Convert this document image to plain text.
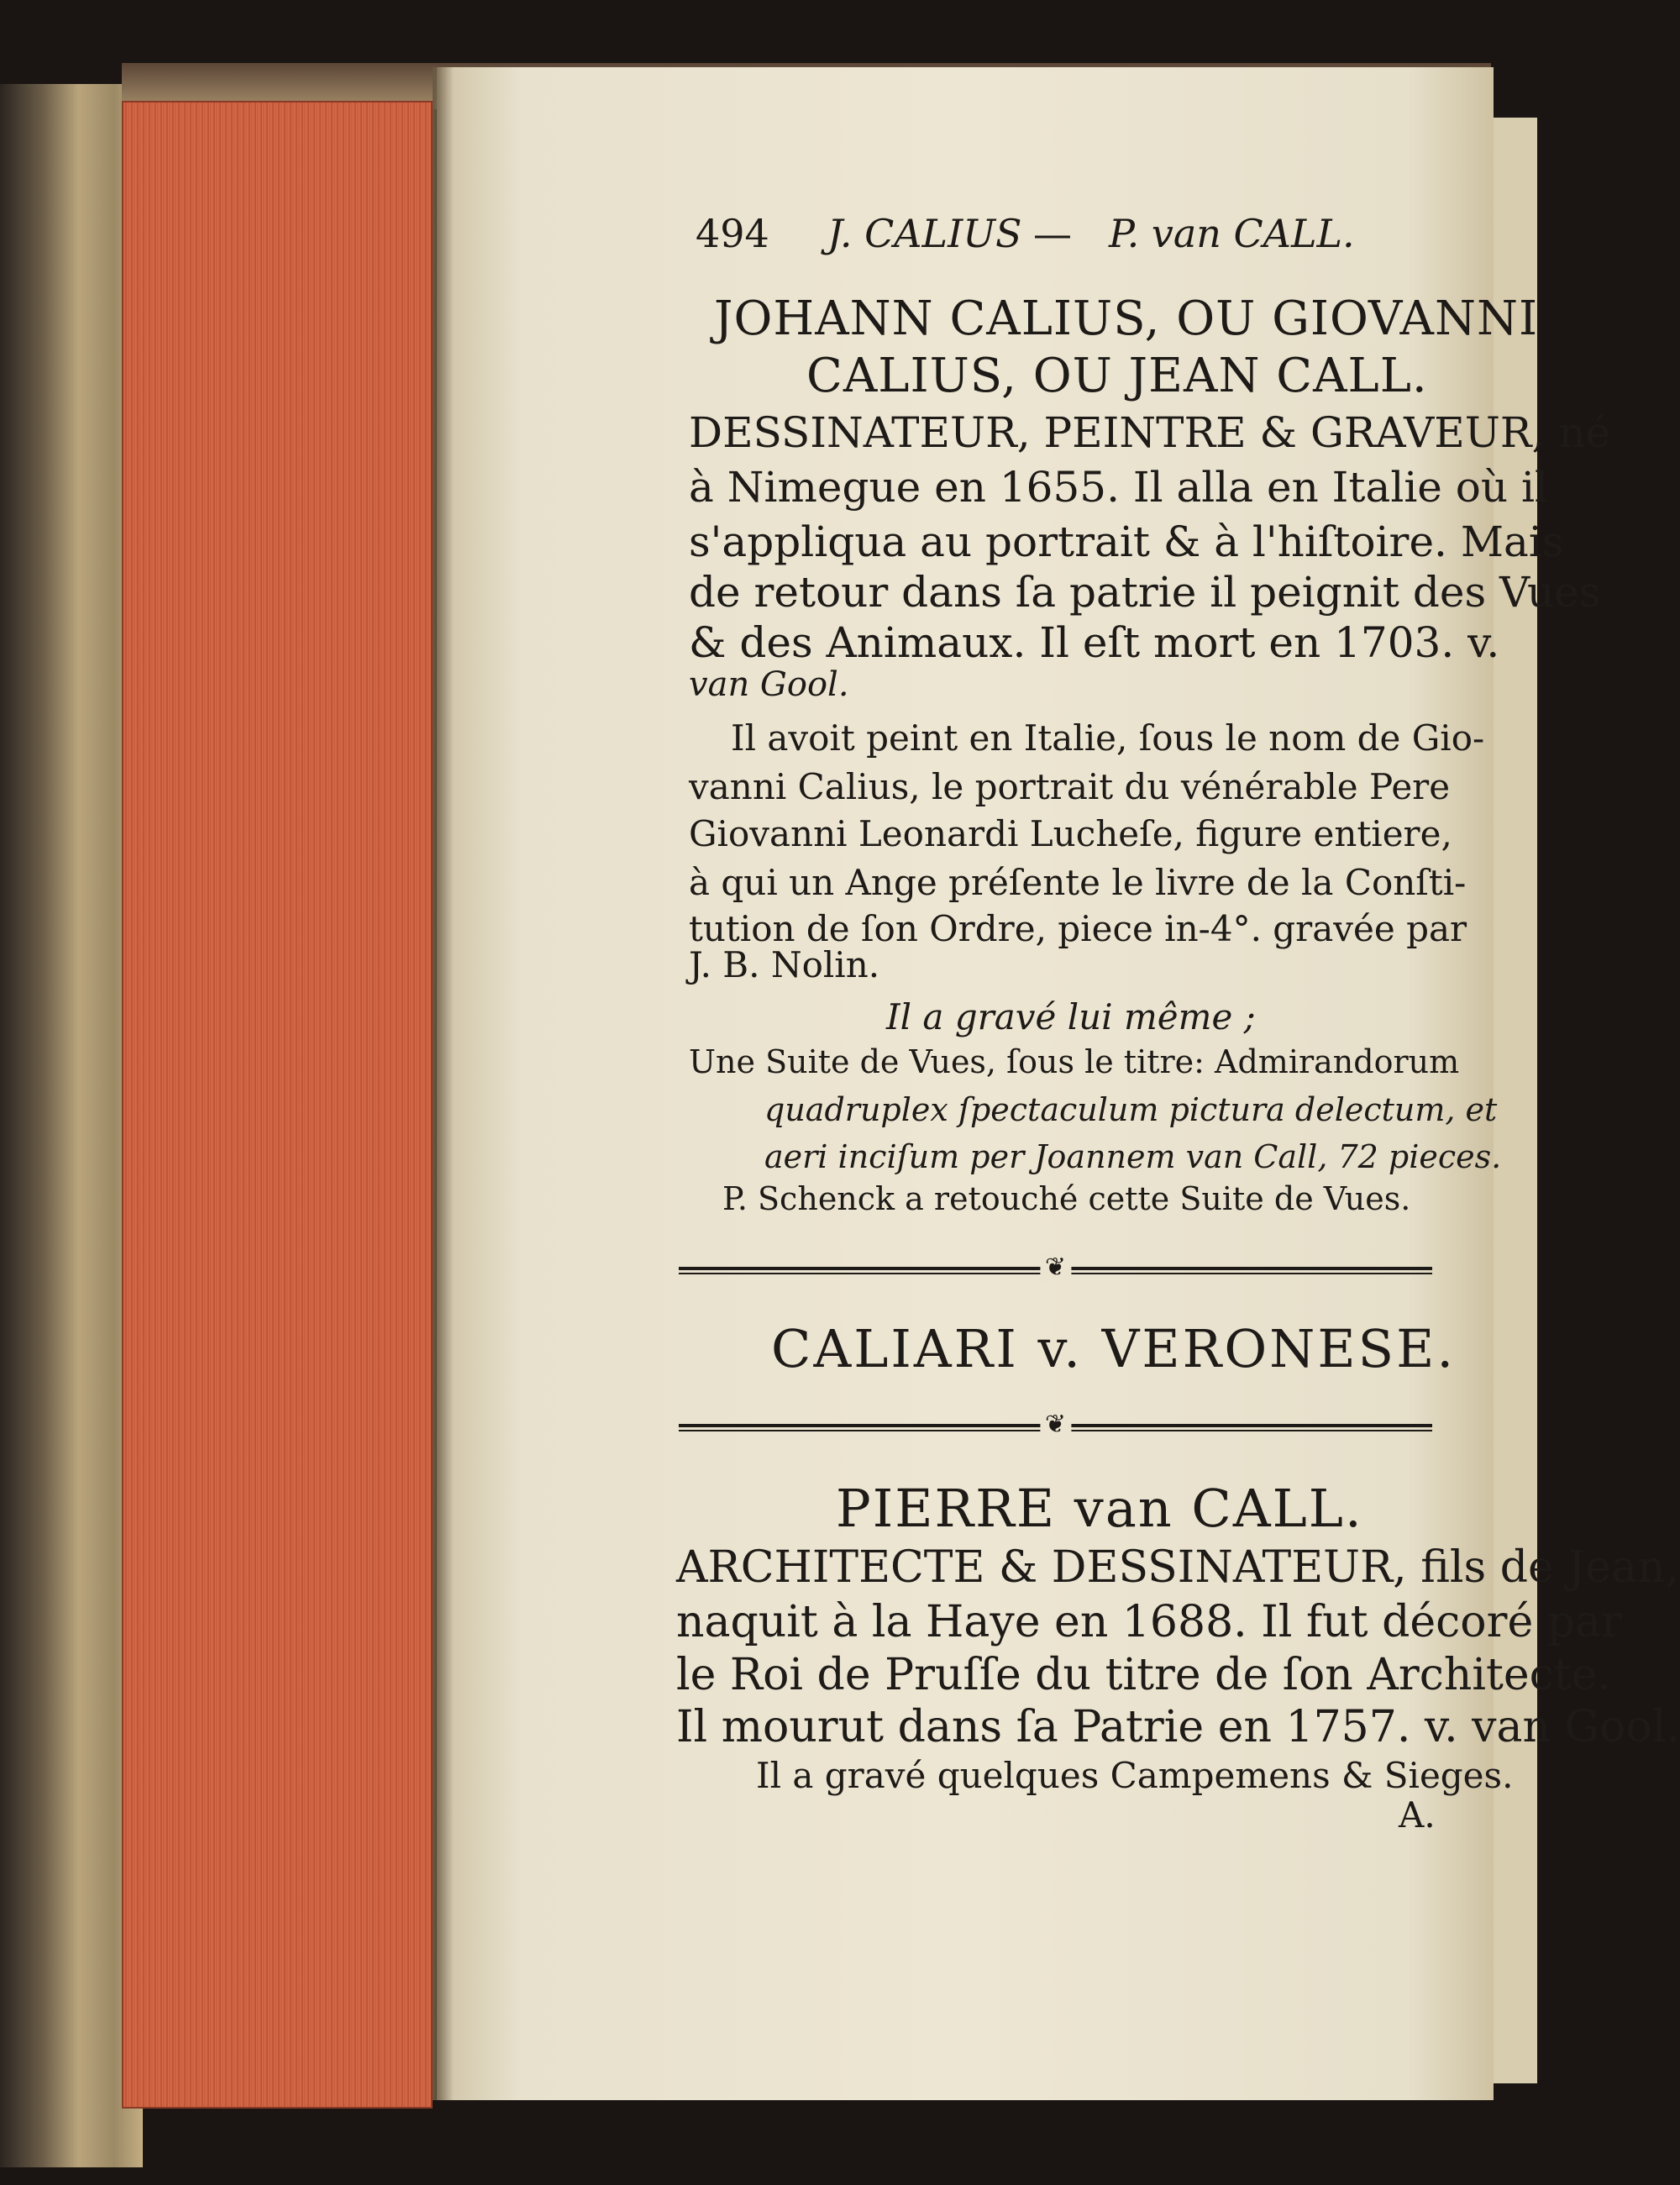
494 J. CALIUS — P. van CALL.
JOHANN CALIUS, OU GIOVANNI
CALIUS, OU JEAN CALL.
DESSINATEUR, PEINTRE & GRAVEUR, né
à Nimegue en 1655. Il alla en Italie où il
s'appliqua au portrait & à l'hiſtoire. Mais
de retour dans ſa patrie il peignit des Vues
& des Animaux. Il eſt mort en 1703. v.
van Gool.
Il avoit peint en Italie, ſous le nom de Gio-
vanni Calius, le portrait du vénérable Pere
Giovanni Leonardi Lucheſe, figure entiere,
à qui un Ange préſente le livre de la Conſti-
tution de ſon Ordre, piece in-4°. gravée par
J. B. Nolin.
Il a gravé lui même ;
Une Suite de Vues, ſous le titre: Admirandorum
quadruplex ſpectaculum pictura delectum, et
aeri inciſum per Joannem van Call, 72 pieces.
P. Schenck a retouché cette Suite de Vues.
❦
CALIARI v. VERONESE.
❦
PIERRE van CALL.
ARCHITECTE & DESSINATEUR, fils de Jean,
naquit à la Haye en 1688. Il fut décoré par
le Roi de Pruſſe du titre de ſon Architecte.
Il mourut dans ſa Patrie en 1757. v. van Gool.
Il a gravé quelques Campemens & Sieges.
A.
